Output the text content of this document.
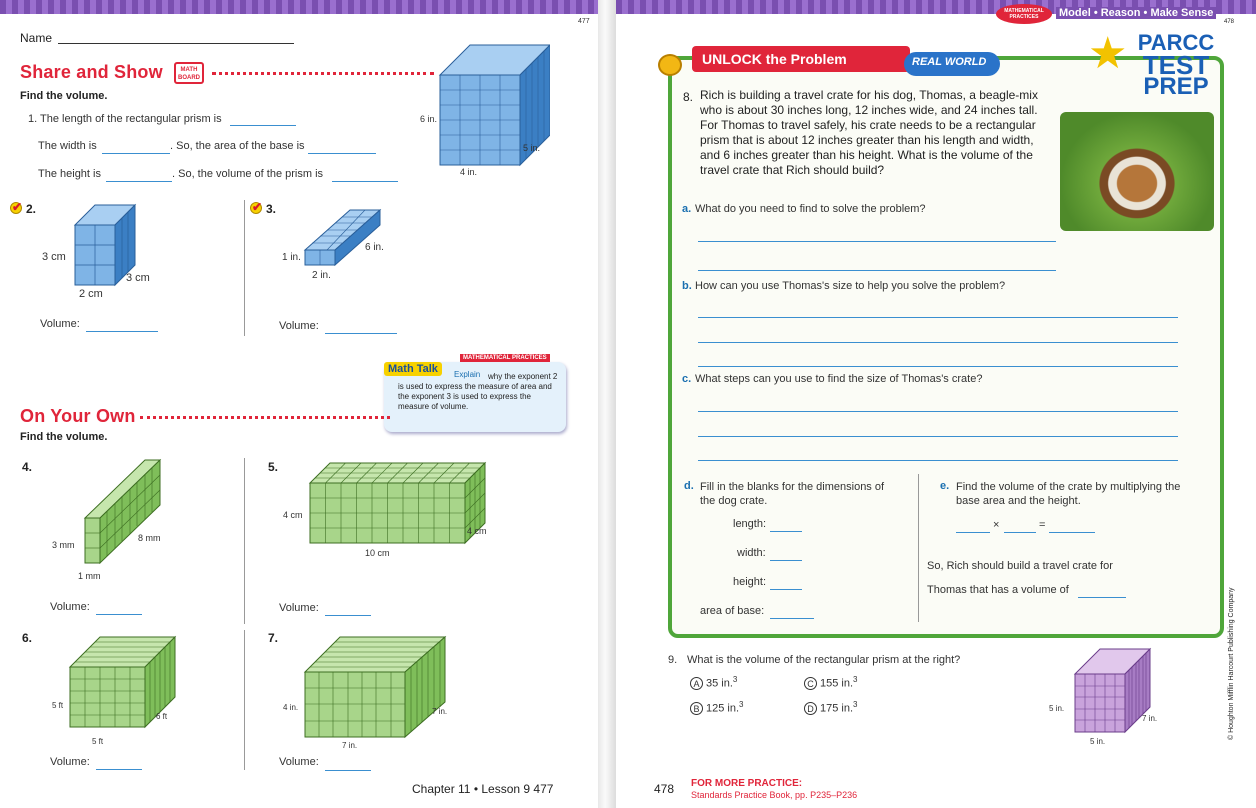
477
Name
Share and Show	MATH BOARD
Find the volume.
1. The length of the rectangular prism is
The width is	. So, the area of the base is
The height is	. So, the volume of the prism is
6 in.
5 in.
4 in.
✔
2.
3 cm
3 cm
2 cm
Volume:
✔
3.
1 in.
2 in.
6 in.
Volume:
Math Talk
MATHEMATICAL PRACTICES
Explain why the exponent 2 is used to express the measure of area and the exponent 3 is used to express the measure of volume.
On Your Own
Find the volume.
4.
3 mm
8 mm
1 mm
Volume:
5.
4 cm
10 cm
4 cm
Volume:
6.
5 ft
6 ft
5 ft
Volume:
7.
4 in.	7 in.
7 in.
Volume:
Chapter 11 • Lesson 9 477
MATHEMATICAL PRACTICES	Model • Reason • Make Sense
478
UNLOCK the Problem	REAL WORLD	★ PARCC
TEST
PREP
8. Rich is building a travel crate for his dog, Thomas, a beagle-mix who is about 30 inches long, 12 inches wide, and 24 inches tall. For Thomas to travel safely, his crate needs to be a rectangular prism that is about 12 inches greater than his length and width, and 6 inches greater than his height. What is the volume of the travel crate that Rich should build?
a. What do you need to find to solve the problem?
b. How can you use Thomas's size to help you solve the problem?
c. What steps can you use to find the size of Thomas's crate?
d. Fill in the blanks for the dimensions of the dog crate.
length:
width:
height:
area of base:
e. Find the volume of the crate by multiplying the base area and the height.
×	=
So, Rich should build a travel crate for
Thomas that has a volume of
9. What is the volume of the rectangular prism at the right?
A 35 in.$^3$	C 155 in.$^3$
B 125 in.$^3$	D 175 in.$^3$	5 in.
7 in.
5 in.
478 FOR MORE PRACTICE:
Standards Practice Book, pp. P235–P236
© Houghton Mifflin Harcourt Publishing Company
